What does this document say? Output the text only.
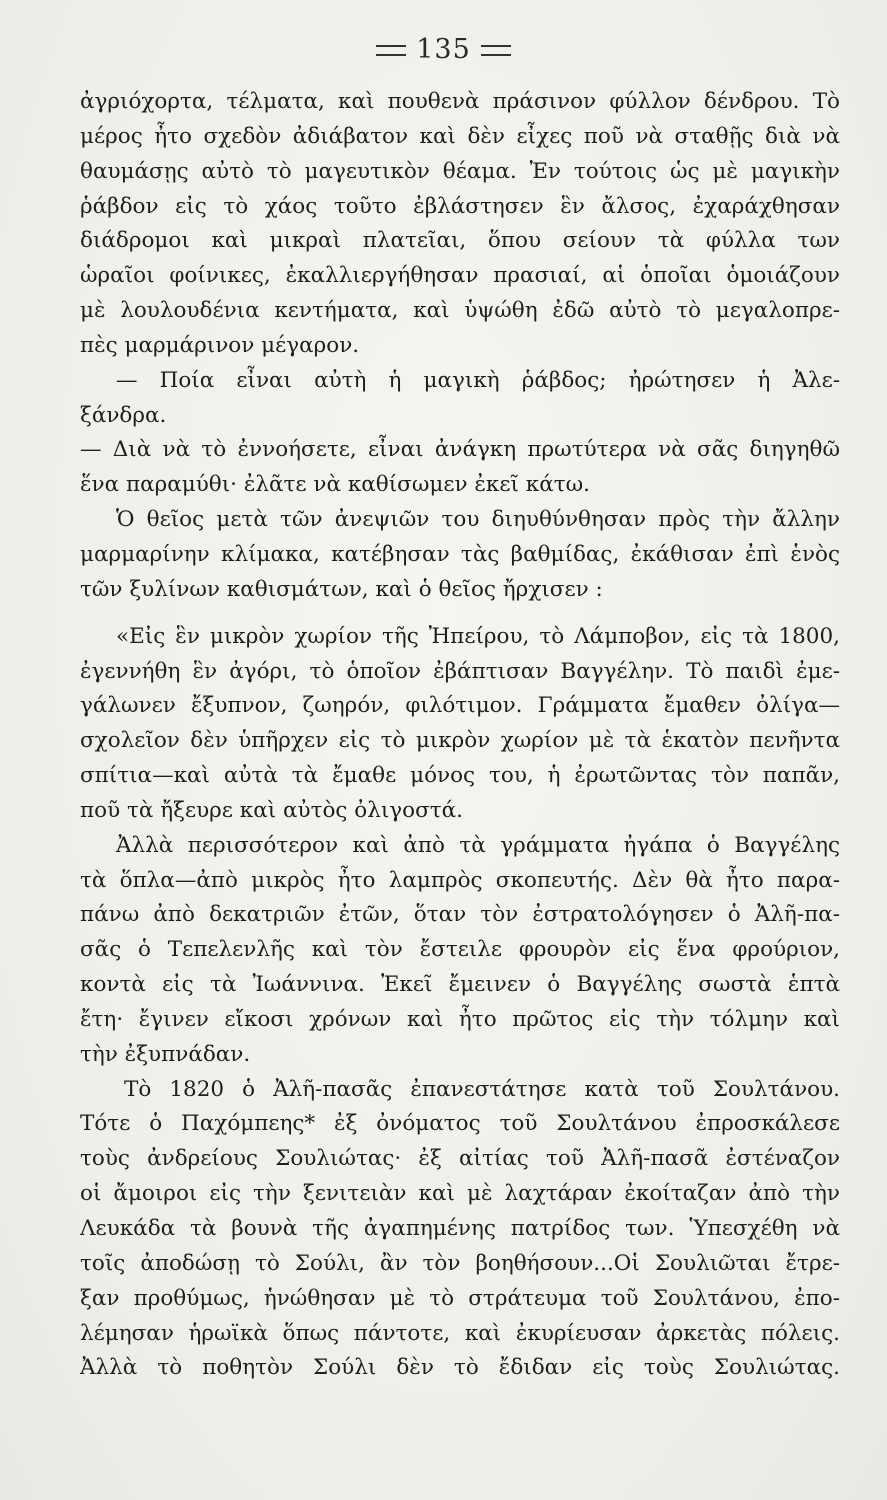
135
ἀγριόχορτα, τέλματα, καὶ πουθενὰ πράσινον φύλλον δένδρου. Τὸ
μέρος ἦτο σχεδὸν ἀδιάβατον καὶ δὲν εἶχες ποῦ νὰ σταθῇς διὰ νὰ
θαυμάσῃς αὐτὸ τὸ μαγευτικὸν θέαμα. Ἐν τούτοις ὡς μὲ μαγικὴν
ῥάβδον εἰς τὸ χάος τοῦτο ἐβλάστησεν ἓν ἄλσος, ἐχαράχθησαν
διάδρομοι καὶ μικραὶ πλατεῖαι, ὅπου σείουν τὰ φύλλα των
ὡραῖοι φοίνικες, ἐκαλλιεργήθησαν πρασιαί, αἱ ὁποῖαι ὁμοιάζουν
μὲ λουλουδένια κεντήματα, καὶ ὑψώθη ἐδῶ αὐτὸ τὸ μεγαλοπρε-
πὲς μαρμάρινον μέγαρον.
— Ποία εἶναι αὐτὴ ἡ μαγικὴ ῥάβδος; ἠρώτησεν ἡ Ἀλε-
ξάνδρα.
— Διὰ νὰ τὸ ἐννοήσετε, εἶναι ἀνάγκη πρωτύτερα νὰ σᾶς διηγηθῶ
ἕνα παραμύθι· ἐλᾶτε νὰ καθίσωμεν ἐκεῖ κάτω.
Ὁ θεῖος μετὰ τῶν ἀνεψιῶν του διηυθύνθησαν πρὸς τὴν ἄλλην
μαρμαρίνην κλίμακα, κατέβησαν τὰς βαθμίδας, ἐκάθισαν ἐπὶ ἑνὸς
τῶν ξυλίνων καθισμάτων, καὶ ὁ θεῖος ἤρχισεν :
«Εἰς ἓν μικρὸν χωρίον τῆς Ἠπείρου, τὸ Λάμποβον, εἰς τὰ 1800,
ἐγεννήθη ἓν ἀγόρι, τὸ ὁποῖον ἐβάπτισαν Βαγγέλην. Τὸ παιδὶ ἐμε-
γάλωνεν ἔξυπνον, ζωηρόν, φιλότιμον. Γράμματα ἔμαθεν ὀλίγα—
σχολεῖον δὲν ὑπῆρχεν εἰς τὸ μικρὸν χωρίον μὲ τὰ ἑκατὸν πενῆντα
σπίτια—καὶ αὐτὰ τὰ ἔμαθε μόνος του, ἡ ἐρωτῶντας τὸν παπᾶν,
ποῦ τὰ ἤξευρε καὶ αὐτὸς ὀλιγοστά.
Ἀλλὰ περισσότερον καὶ ἀπὸ τὰ γράμματα ἠγάπα ὁ Βαγγέλης
τὰ ὅπλα—ἀπὸ μικρὸς ἦτο λαμπρὸς σκοπευτής. Δὲν θὰ ἦτο παρα-
πάνω ἀπὸ δεκατριῶν ἐτῶν, ὅταν τὸν ἐστρατολόγησεν ὁ Ἀλῆ-πα-
σᾶς ὁ Τεπελενλῆς καὶ τὸν ἔστειλε φρουρὸν εἰς ἕνα φρούριον,
κοντὰ εἰς τὰ Ἰωάννινα. Ἐκεῖ ἔμεινεν ὁ Βαγγέλης σωστὰ ἑπτὰ
ἔτη· ἔγινεν εἴκοσι χρόνων καὶ ἦτο πρῶτος εἰς τὴν τόλμην καὶ
τὴν ἐξυπνάδαν.
Τὸ 1820 ὁ Ἀλῆ-πασᾶς ἐπανεστάτησε κατὰ τοῦ Σουλτάνου.
Τότε ὁ Παχόμπεης* ἐξ ὀνόματος τοῦ Σουλτάνου ἐπροσκάλεσε
τοὺς ἀνδρείους Σουλιώτας· ἐξ αἰτίας τοῦ Ἀλῆ-πασᾶ ἐστέναζον
οἱ ἄμοιροι εἰς τὴν ξενιτειὰν καὶ μὲ λαχτάραν ἐκοίταζαν ἀπὸ τὴν
Λευκάδα τὰ βουνὰ τῆς ἀγαπημένης πατρίδος των. Ὑπεσχέθη νὰ
τοῖς ἀποδώσῃ τὸ Σούλι, ἂν τὸν βοηθήσουν...Οἱ Σουλιῶται ἔτρε-
ξαν προθύμως, ἡνώθησαν μὲ τὸ στράτευμα τοῦ Σουλτάνου, ἐπο-
λέμησαν ἡρωϊκὰ ὅπως πάντοτε, καὶ ἐκυρίευσαν ἀρκετὰς πόλεις.
Ἀλλὰ τὸ ποθητὸν Σούλι δὲν τὸ ἔδιδαν εἰς τοὺς Σουλιώτας.
